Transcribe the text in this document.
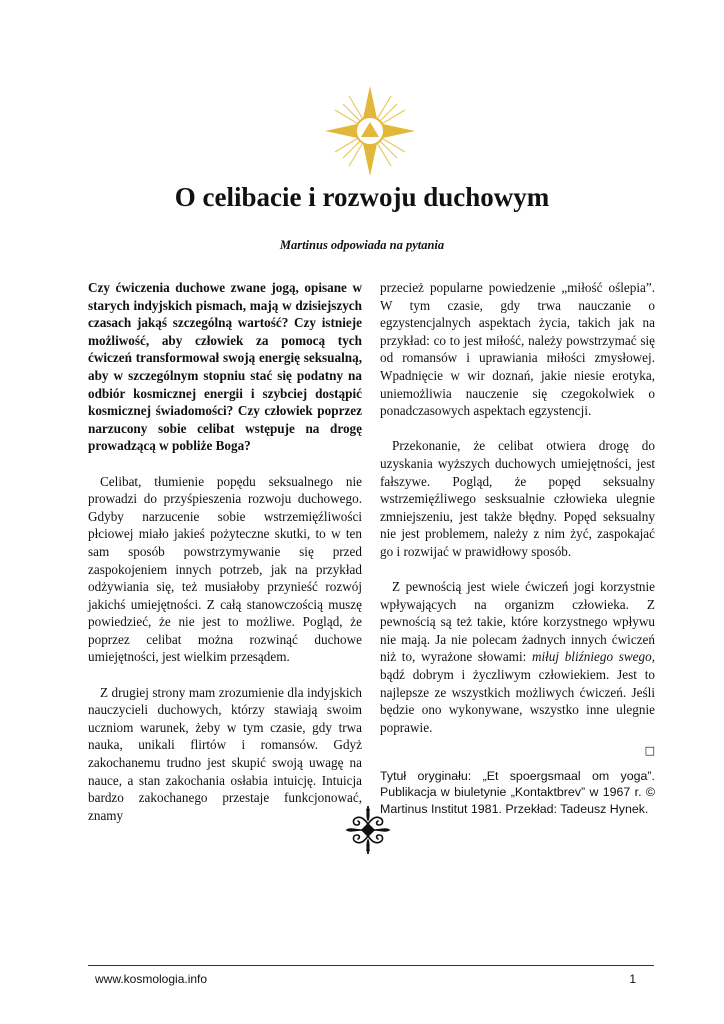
O celibacie i rozwoju duchowym
Martinus odpowiada na pytania

Czy ćwiczenia duchowe zwane jogą, opisane w starych indyjskich pismach, mają w dzisiejszych czasach jakąś szczególną wartość? Czy istnieje możliwość, aby człowiek za pomocą tych ćwiczeń transformował swoją energię seksualną, aby w szczególnym stopniu stać się podatny na odbiór kosmicznej energii i szybciej dostąpić kosmicznej świadomości? Czy człowiek poprzez narzucony sobie celibat wstępuje na drogę prowadzącą w pobliże Boga?

Celibat, tłumienie popędu seksualnego nie prowadzi do przyśpieszenia rozwoju duchowego. Gdyby narzucenie sobie wstrzemięźliwości płciowej miało jakieś pożyteczne skutki, to w ten sam sposób powstrzymywanie się przed zaspokojeniem innych potrzeb, jak na przykład odżywiania się, też musiałoby przynieść rozwój jakichś umiejętności. Z całą stanowczością muszę powiedzieć, że nie jest to możliwe. Pogląd, że poprzez celibat można rozwinąć duchowe umiejętności, jest wielkim przesądem.

Z drugiej strony mam zrozumienie dla indyjskich nauczycieli duchowych, którzy stawiają swoim uczniom warunek, żeby w tym czasie, gdy trwa nauka, unikali flirtów i romansów. Gdyż zakochanemu trudno jest skupić swoją uwagę na nauce, a stan zakochania osłabia intuicję. Intuicja bardzo zakochanego przestaje funkcjonować, znamy

przecież popularne powiedzenie „miłość oślepia”. W tym czasie, gdy trwa nauczanie o egzystencjalnych aspektach życia, takich jak na przykład: co to jest miłość, należy powstrzymać się od romansów i uprawiania miłości zmysłowej. Wpadnięcie w wir doznań, jakie niesie erotyka, uniemożliwia nauczenie się czegokolwiek o ponadczasowych aspektach egzystencji.

Przekonanie, że celibat otwiera drogę do uzyskania wyższych duchowych umiejętności, jest fałszywe. Pogląd, że popęd seksualny wstrzemięźliwego sesksualnie człowieka ulegnie zmniejszeniu, jest także błędny. Popęd seksualny nie jest problemem, należy z nim żyć, zaspokajać go i rozwijać w prawidłowy sposób.

Z pewnością jest wiele ćwiczeń jogi korzystnie wpływających na organizm człowieka. Z pewnością są też takie, które korzystnego wpływu nie mają. Ja nie polecam żadnych innych ćwiczeń niż to, wyrażone słowami: miłuj bliźniego swego, bądź dobrym i życzliwym człowiekiem. Jest to najlepsze ze wszystkich możliwych ćwiczeń. Jeśli będzie ono wykonywane, wszystko inne ulegnie poprawie.

□

Tytuł oryginału: „Et spoergsmaal om yoga”. Publikacja w biuletynie „Kontaktbrev” w 1967 r. © Martinus Institut 1981. Przekład: Tadeusz Hynek.

www.kosmologia.info	1
